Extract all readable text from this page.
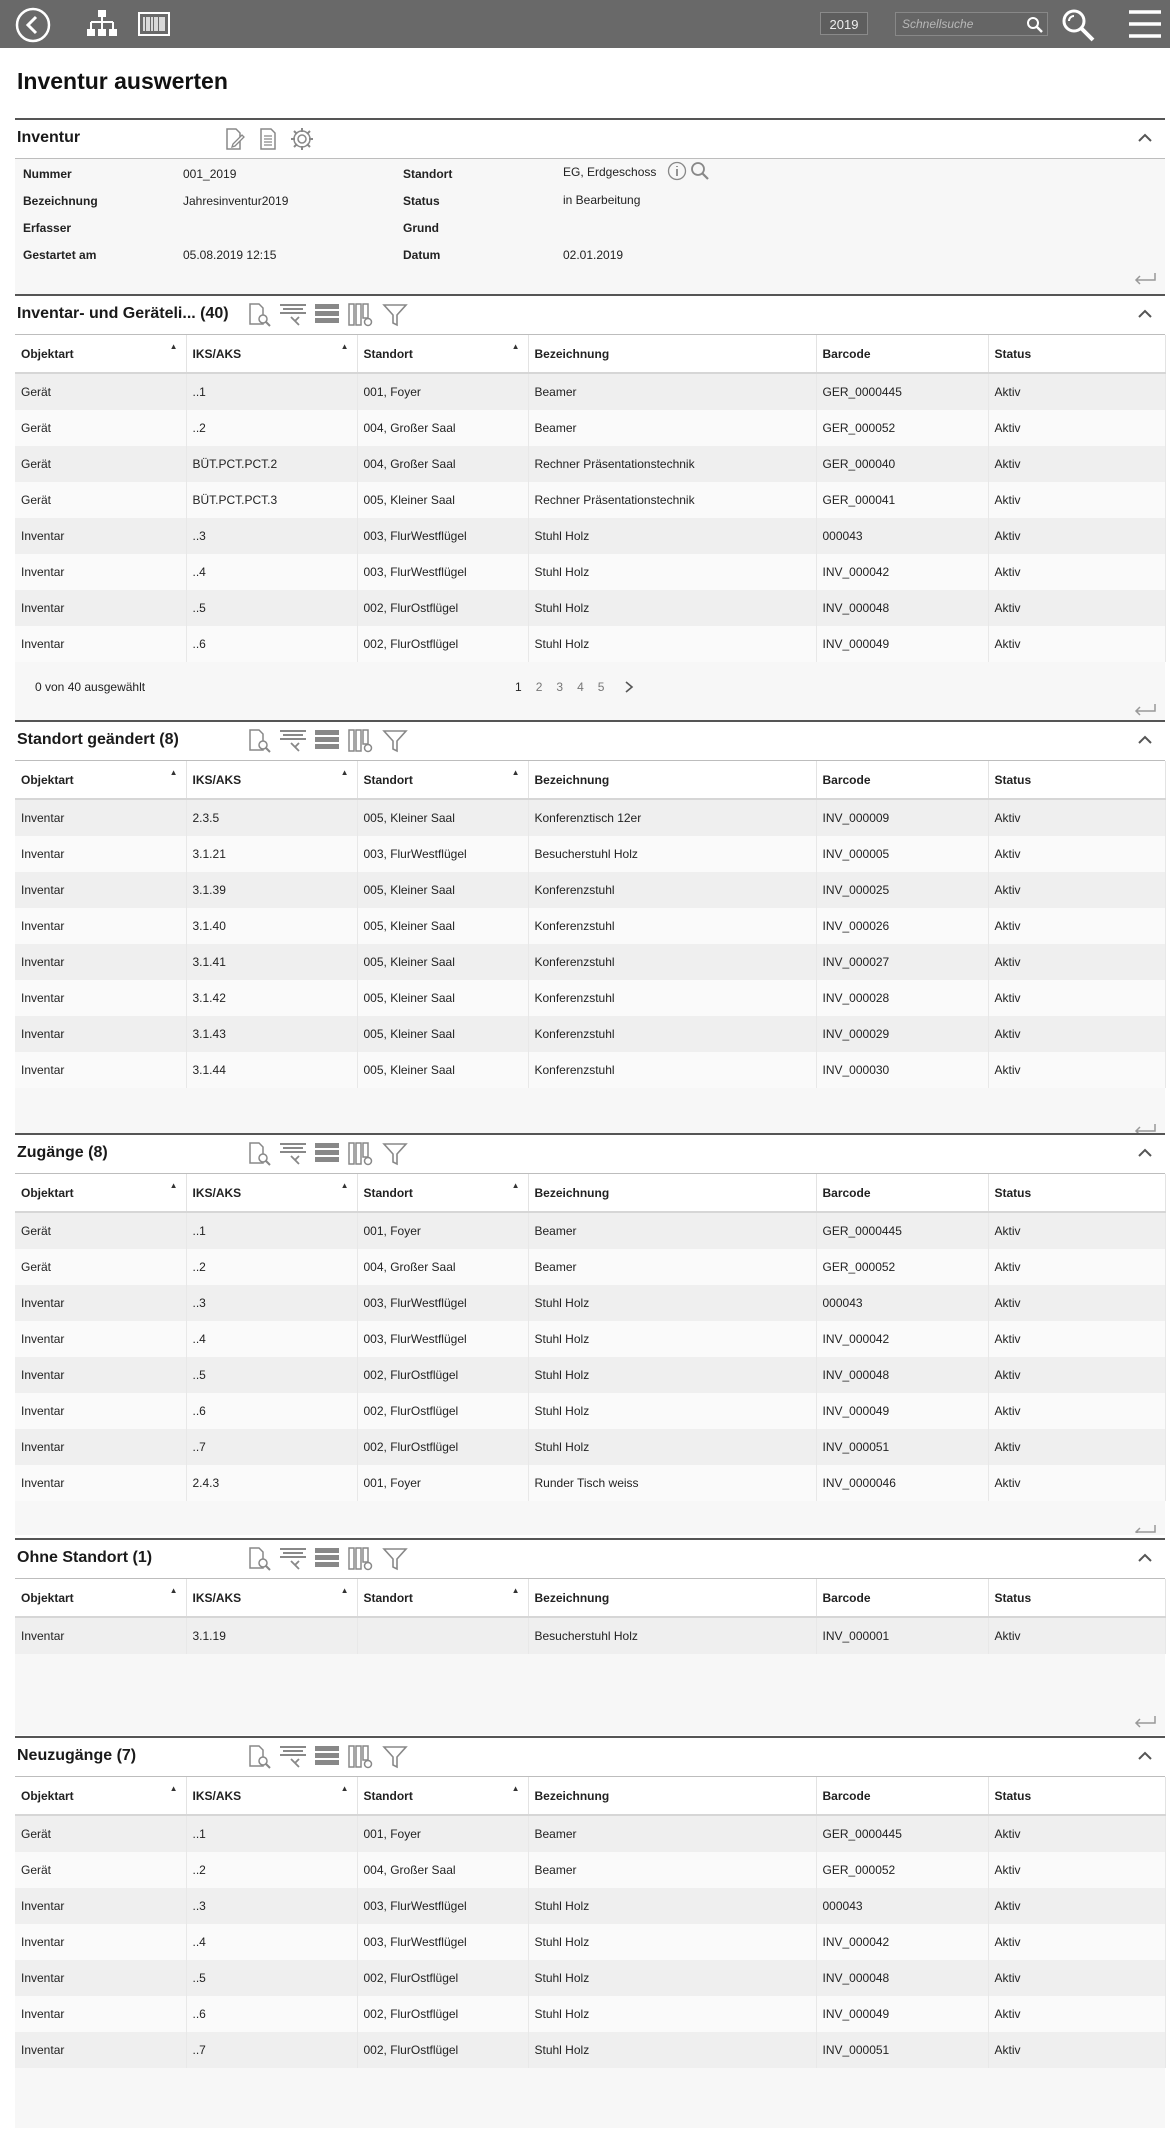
2019
Schnellsuche
Inventur auswerten
Inventur
Nummer	001_2019
Bezeichnung	Jahresinventur2019
Erfasser
Gestartet am	05.08.2019 12:15
Standort	EG, Erdgeschoss
Status	in Bearbeitung
Grund
Datum	02.01.2019
Inventar- und Geräteli... (40)
Objektart ▲	IKS/AKS ▲	Standort ▲	Bezeichnung	Barcode	Status
Gerät	..1	001, Foyer	Beamer	GER_0000445	Aktiv
Gerät	..2	004, Großer Saal	Beamer	GER_000052	Aktiv
Gerät	BÜT.PCT.PCT.2	004, Großer Saal	Rechner Präsentationstechnik	GER_000040	Aktiv
Gerät	BÜT.PCT.PCT.3	005, Kleiner Saal	Rechner Präsentationstechnik	GER_000041	Aktiv
Inventar	..3	003, FlurWestflügel	Stuhl Holz	000043	Aktiv
Inventar	..4	003, FlurWestflügel	Stuhl Holz	INV_000042	Aktiv
Inventar	..5	002, FlurOstflügel	Stuhl Holz	INV_000048	Aktiv
Inventar	..6	002, FlurOstflügel	Stuhl Holz	INV_000049	Aktiv
0 von 40 ausgewählt	1 2 3 4 5
Standort geändert (8)
Objektart ▲	IKS/AKS ▲	Standort ▲	Bezeichnung	Barcode	Status
Inventar	2.3.5	005, Kleiner Saal	Konferenztisch 12er	INV_000009	Aktiv
Inventar	3.1.21	003, FlurWestflügel	Besucherstuhl Holz	INV_000005	Aktiv
Inventar	3.1.39	005, Kleiner Saal	Konferenzstuhl	INV_000025	Aktiv
Inventar	3.1.40	005, Kleiner Saal	Konferenzstuhl	INV_000026	Aktiv
Inventar	3.1.41	005, Kleiner Saal	Konferenzstuhl	INV_000027	Aktiv
Inventar	3.1.42	005, Kleiner Saal	Konferenzstuhl	INV_000028	Aktiv
Inventar	3.1.43	005, Kleiner Saal	Konferenzstuhl	INV_000029	Aktiv
Inventar	3.1.44	005, Kleiner Saal	Konferenzstuhl	INV_000030	Aktiv
Zugänge (8)
Objektart ▲	IKS/AKS ▲	Standort ▲	Bezeichnung	Barcode	Status
Gerät	..1	001, Foyer	Beamer	GER_0000445	Aktiv
Gerät	..2	004, Großer Saal	Beamer	GER_000052	Aktiv
Inventar	..3	003, FlurWestflügel	Stuhl Holz	000043	Aktiv
Inventar	..4	003, FlurWestflügel	Stuhl Holz	INV_000042	Aktiv
Inventar	..5	002, FlurOstflügel	Stuhl Holz	INV_000048	Aktiv
Inventar	..6	002, FlurOstflügel	Stuhl Holz	INV_000049	Aktiv
Inventar	..7	002, FlurOstflügel	Stuhl Holz	INV_000051	Aktiv
Inventar	2.4.3	001, Foyer	Runder Tisch weiss	INV_0000046	Aktiv
Ohne Standort (1)
Objektart ▲	IKS/AKS ▲	Standort ▲	Bezeichnung	Barcode	Status
Inventar	3.1.19		Besucherstuhl Holz	INV_000001	Aktiv
Neuzugänge (7)
Objektart ▲	IKS/AKS ▲	Standort ▲	Bezeichnung	Barcode	Status
Gerät	..1	001, Foyer	Beamer	GER_0000445	Aktiv
Gerät	..2	004, Großer Saal	Beamer	GER_000052	Aktiv
Inventar	..3	003, FlurWestflügel	Stuhl Holz	000043	Aktiv
Inventar	..4	003, FlurWestflügel	Stuhl Holz	INV_000042	Aktiv
Inventar	..5	002, FlurOstflügel	Stuhl Holz	INV_000048	Aktiv
Inventar	..6	002, FlurOstflügel	Stuhl Holz	INV_000049	Aktiv
Inventar	..7	002, FlurOstflügel	Stuhl Holz	INV_000051	Aktiv
